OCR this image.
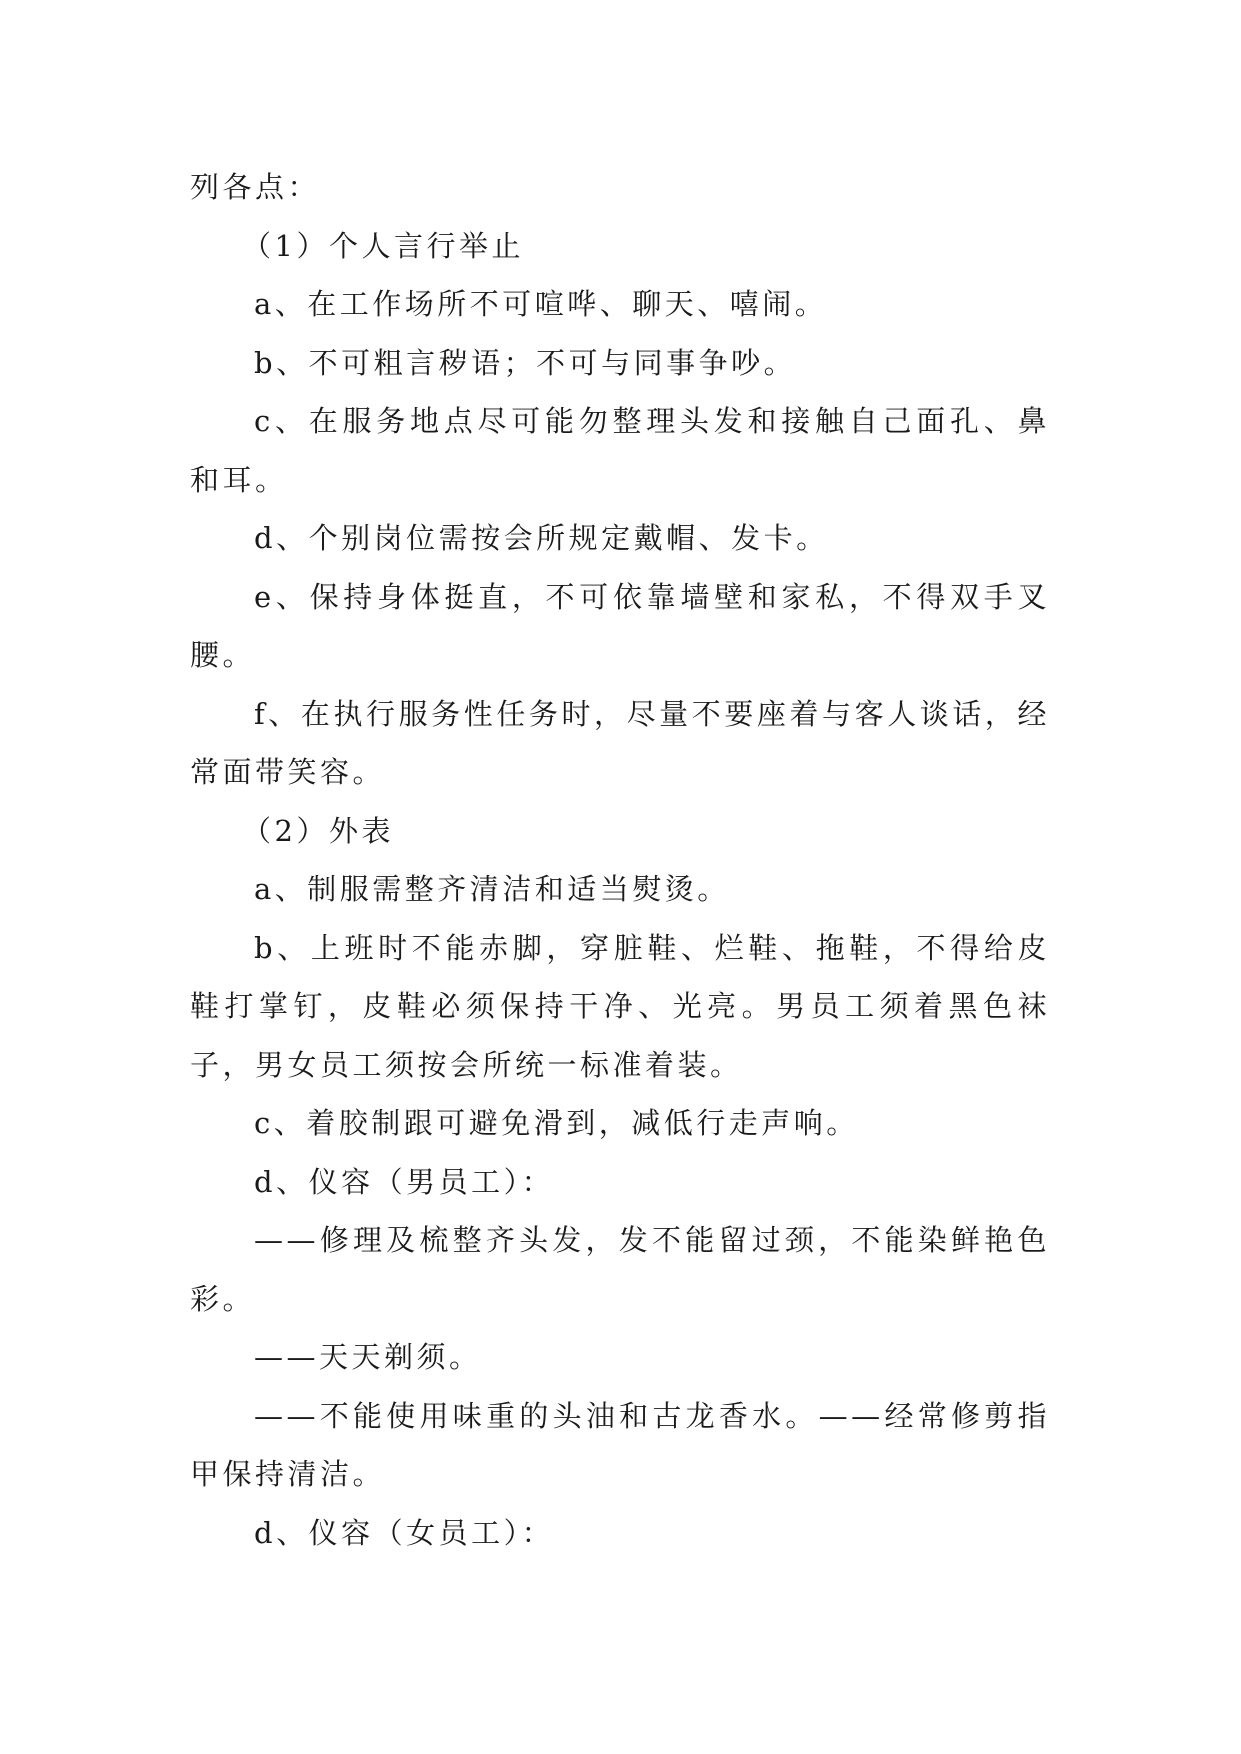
列各点：

（1）个人言行举止

a、在工作场所不可喧哗、聊天、嘻闹。

b、不可粗言秽语；不可与同事争吵。

c、在服务地点尽可能勿整理头发和接触自己面孔、鼻和耳。

d、个别岗位需按会所规定戴帽、发卡。

e、保持身体挺直，不可依靠墙壁和家私，不得双手叉腰。

f、在执行服务性任务时，尽量不要座着与客人谈话，经常面带笑容。

（2）外表

a、制服需整齐清洁和适当熨烫。

b、上班时不能赤脚，穿脏鞋、烂鞋、拖鞋，不得给皮鞋打掌钉，皮鞋必须保持干净、光亮。男员工须着黑色袜子，男女员工须按会所统一标准着装。

c、着胶制跟可避免滑到，减低行走声响。

d、仪容（男员工）：

——修理及梳整齐头发，发不能留过颈，不能染鲜艳色彩。

——天天剃须。

——不能使用味重的头油和古龙香水。——经常修剪指甲保持清洁。

d、仪容（女员工）：
